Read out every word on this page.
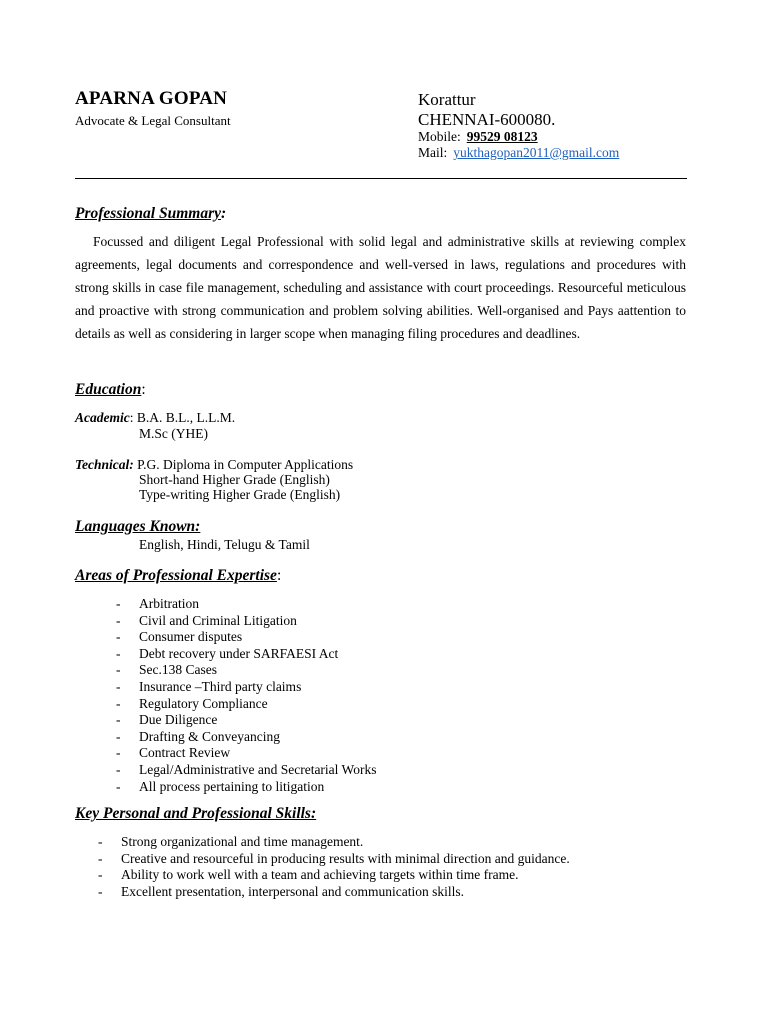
APARNA GOPAN
Advocate & Legal Consultant
Korattur
CHENNAI-600080.
Mobile: 99529 08123
Mail: yukthagopan2011@gmail.com
Professional Summary:

Focussed and diligent Legal Professional with solid legal and administrative skills at reviewing complex agreements, legal documents and correspondence and well-versed in laws, regulations and procedures with strong skills in case file management, scheduling and assistance with court proceedings. Resourceful meticulous and proactive with strong communication and problem solving abilities. Well-organised and Pays aattention to details as well as considering in larger scope when managing filing procedures and deadlines.

Education:
Academic: B.A. B.L., L.L.M.
M.Sc (YHE)
Technical: P.G. Diploma in Computer Applications
Short-hand Higher Grade (English)
Type-writing Higher Grade (English)
Languages Known:
English, Hindi, Telugu & Tamil
Areas of Professional Expertise:
- Arbitration
- Civil and Criminal Litigation
- Consumer disputes
- Debt recovery under SARFAESI Act
- Sec.138 Cases
- Insurance –Third party claims
- Regulatory Compliance
- Due Diligence
- Drafting & Conveyancing
- Contract Review
- Legal/Administrative and Secretarial Works
- All process pertaining to litigation
Key Personal and Professional Skills:
- Strong organizational and time management.
- Creative and resourceful in producing results with minimal direction and guidance.
- Ability to work well with a team and achieving targets within time frame.
- Excellent presentation, interpersonal and communication skills.
